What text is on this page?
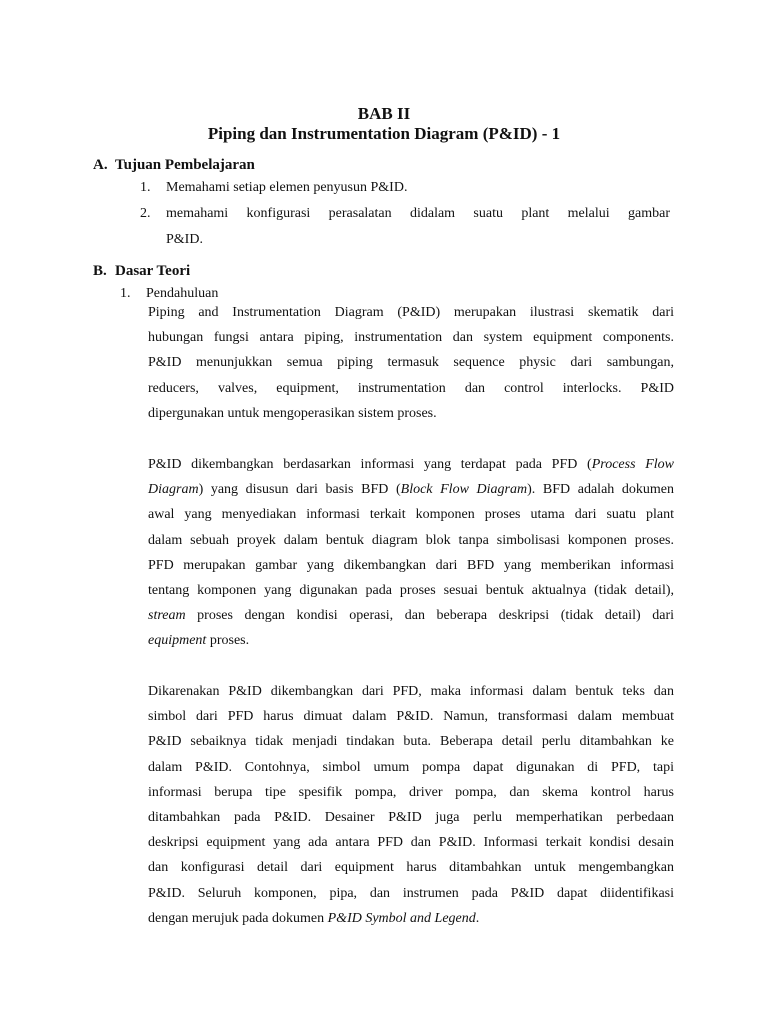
BAB II
Piping dan Instrumentation Diagram (P&ID) - 1
A. Tujuan Pembelajaran
1. Memahami setiap elemen penyusun P&ID.
2. memahami konfigurasi perasalatan didalam suatu plant melalui gambar
P&ID.
B. Dasar Teori
1. Pendahuluan
Piping and Instrumentation Diagram (P&ID) merupakan ilustrasi skematik dari
hubungan fungsi antara piping, instrumentation dan system equipment components.
P&ID menunjukkan semua piping termasuk sequence physic dari sambungan,
reducers, valves, equipment, instrumentation dan control interlocks. P&ID
dipergunakan untuk mengoperasikan sistem proses.
P&ID dikembangkan berdasarkan informasi yang terdapat pada PFD (Process Flow
Diagram) yang disusun dari basis BFD (Block Flow Diagram). BFD adalah dokumen
awal yang menyediakan informasi terkait komponen proses utama dari suatu plant
dalam sebuah proyek dalam bentuk diagram blok tanpa simbolisasi komponen proses.
PFD merupakan gambar yang dikembangkan dari BFD yang memberikan informasi
tentang komponen yang digunakan pada proses sesuai bentuk aktualnya (tidak detail),
stream proses dengan kondisi operasi, dan beberapa deskripsi (tidak detail) dari
equipment proses.
Dikarenakan P&ID dikembangkan dari PFD, maka informasi dalam bentuk teks dan
simbol dari PFD harus dimuat dalam P&ID. Namun, transformasi dalam membuat
P&ID sebaiknya tidak menjadi tindakan buta. Beberapa detail perlu ditambahkan ke
dalam P&ID. Contohnya, simbol umum pompa dapat digunakan di PFD, tapi
informasi berupa tipe spesifik pompa, driver pompa, dan skema kontrol harus
ditambahkan pada P&ID. Desainer P&ID juga perlu memperhatikan perbedaan
deskripsi equipment yang ada antara PFD dan P&ID. Informasi terkait kondisi desain
dan konfigurasi detail dari equipment harus ditambahkan untuk mengembangkan
P&ID. Seluruh komponen, pipa, dan instrumen pada P&ID dapat diidentifikasi
dengan merujuk pada dokumen P&ID Symbol and Legend.
